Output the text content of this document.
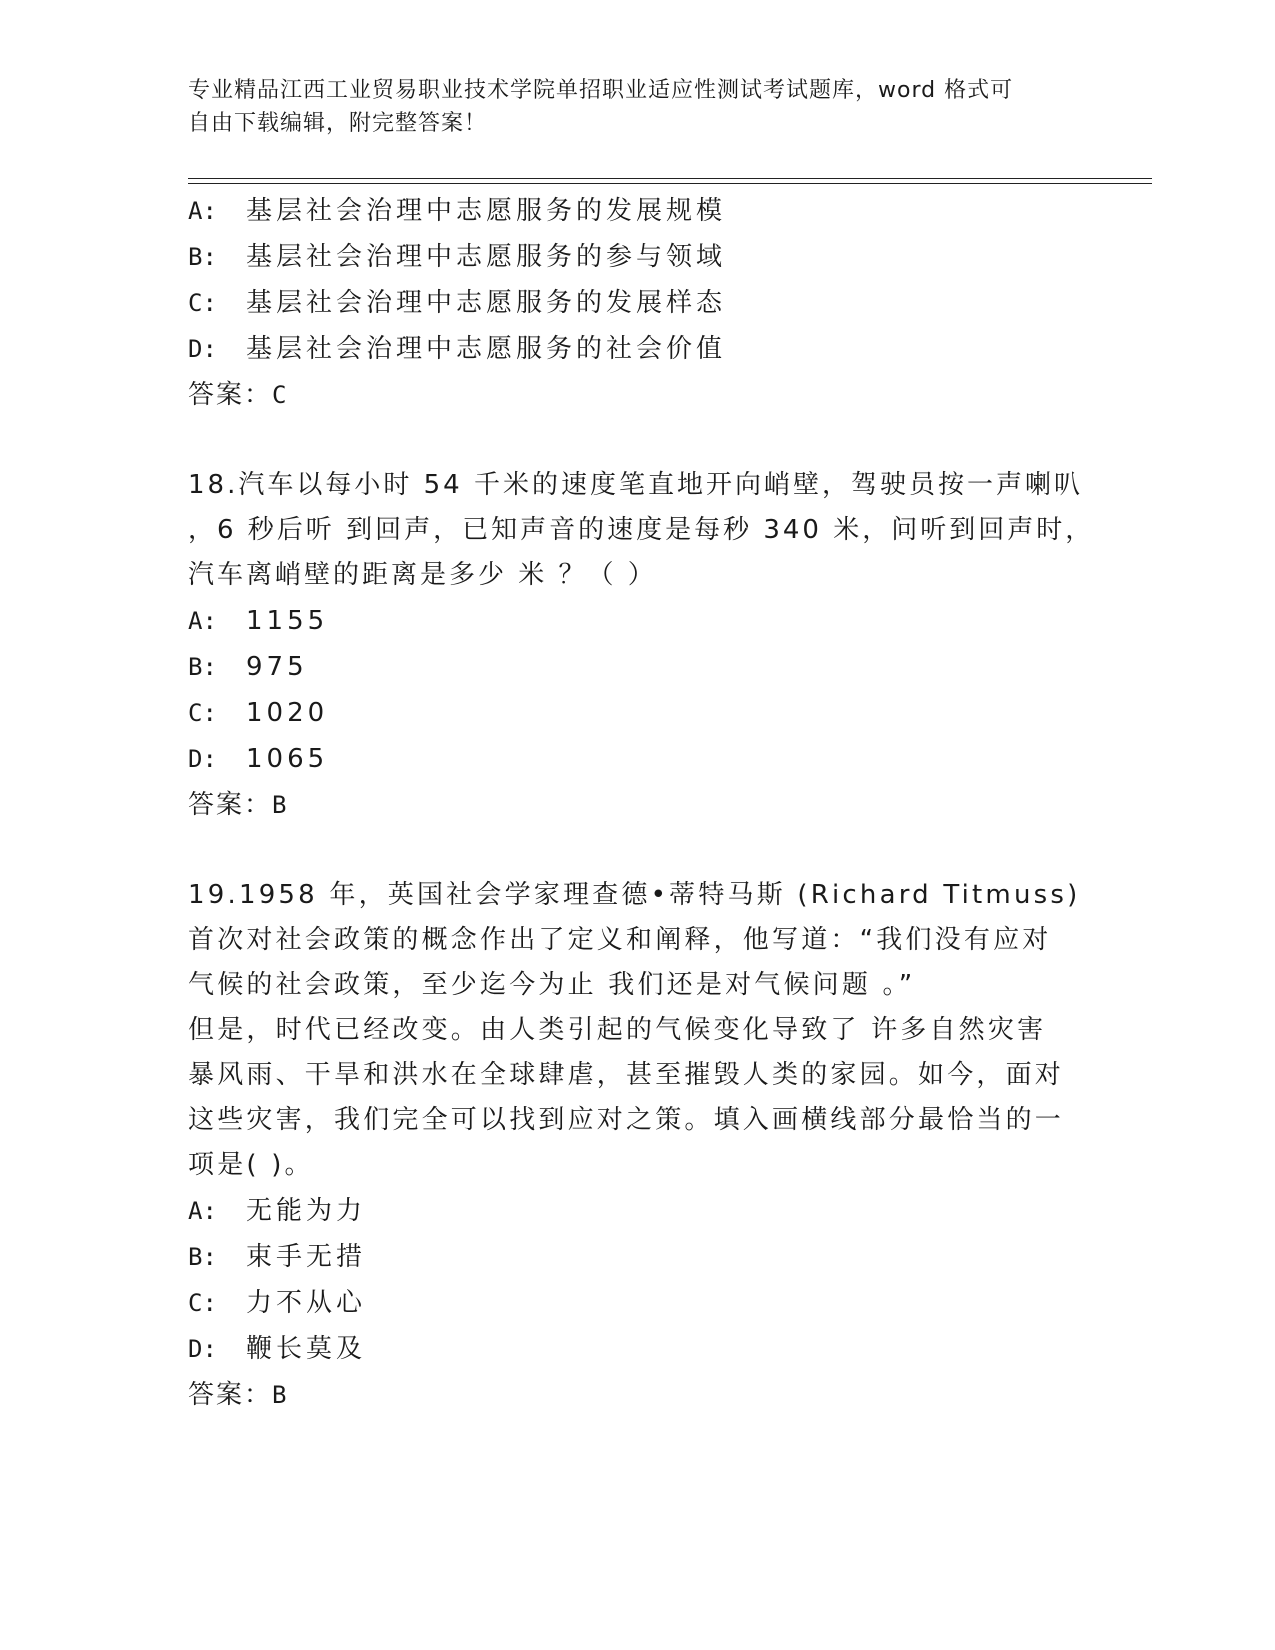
专业精品江西工业贸易职业技术学院单招职业适应性测试考试题库，word 格式可
自由下载编辑，附完整答案！
A:	基层社会治理中志愿服务的发展规模
B:	基层社会治理中志愿服务的参与领域
C:	基层社会治理中志愿服务的发展样态
D:	基层社会治理中志愿服务的社会价值
答案：C
18.汽车以每小时 54 千米的速度笔直地开向峭壁，驾驶员按一声喇叭
，6 秒后听 到回声，已知声音的速度是每秒 340 米，问听到回声时，
汽车离峭壁的距离是多少 米 ？（ ）
A:	1155
B:	975
C:	1020
D:	1065
答案：B
19.1958 年，英国社会学家理查德•蒂特马斯 (Richard Titmuss)
首次对社会政策的概念作出了定义和阐释，他写道：“我们没有应对
气候的社会政策，至少迄今为止 我们还是对气候问题 。”
但是，时代已经改变。由人类引起的气候变化导致了 许多自然灾害
暴风雨、干旱和洪水在全球肆虐，甚至摧毁人类的家园。如今，面对
这些灾害，我们完全可以找到应对之策。填入画横线部分最恰当的一
项是( )。
A:	无能为力
B:	束手无措
C:	力不从心
D:	鞭长莫及
答案：B
